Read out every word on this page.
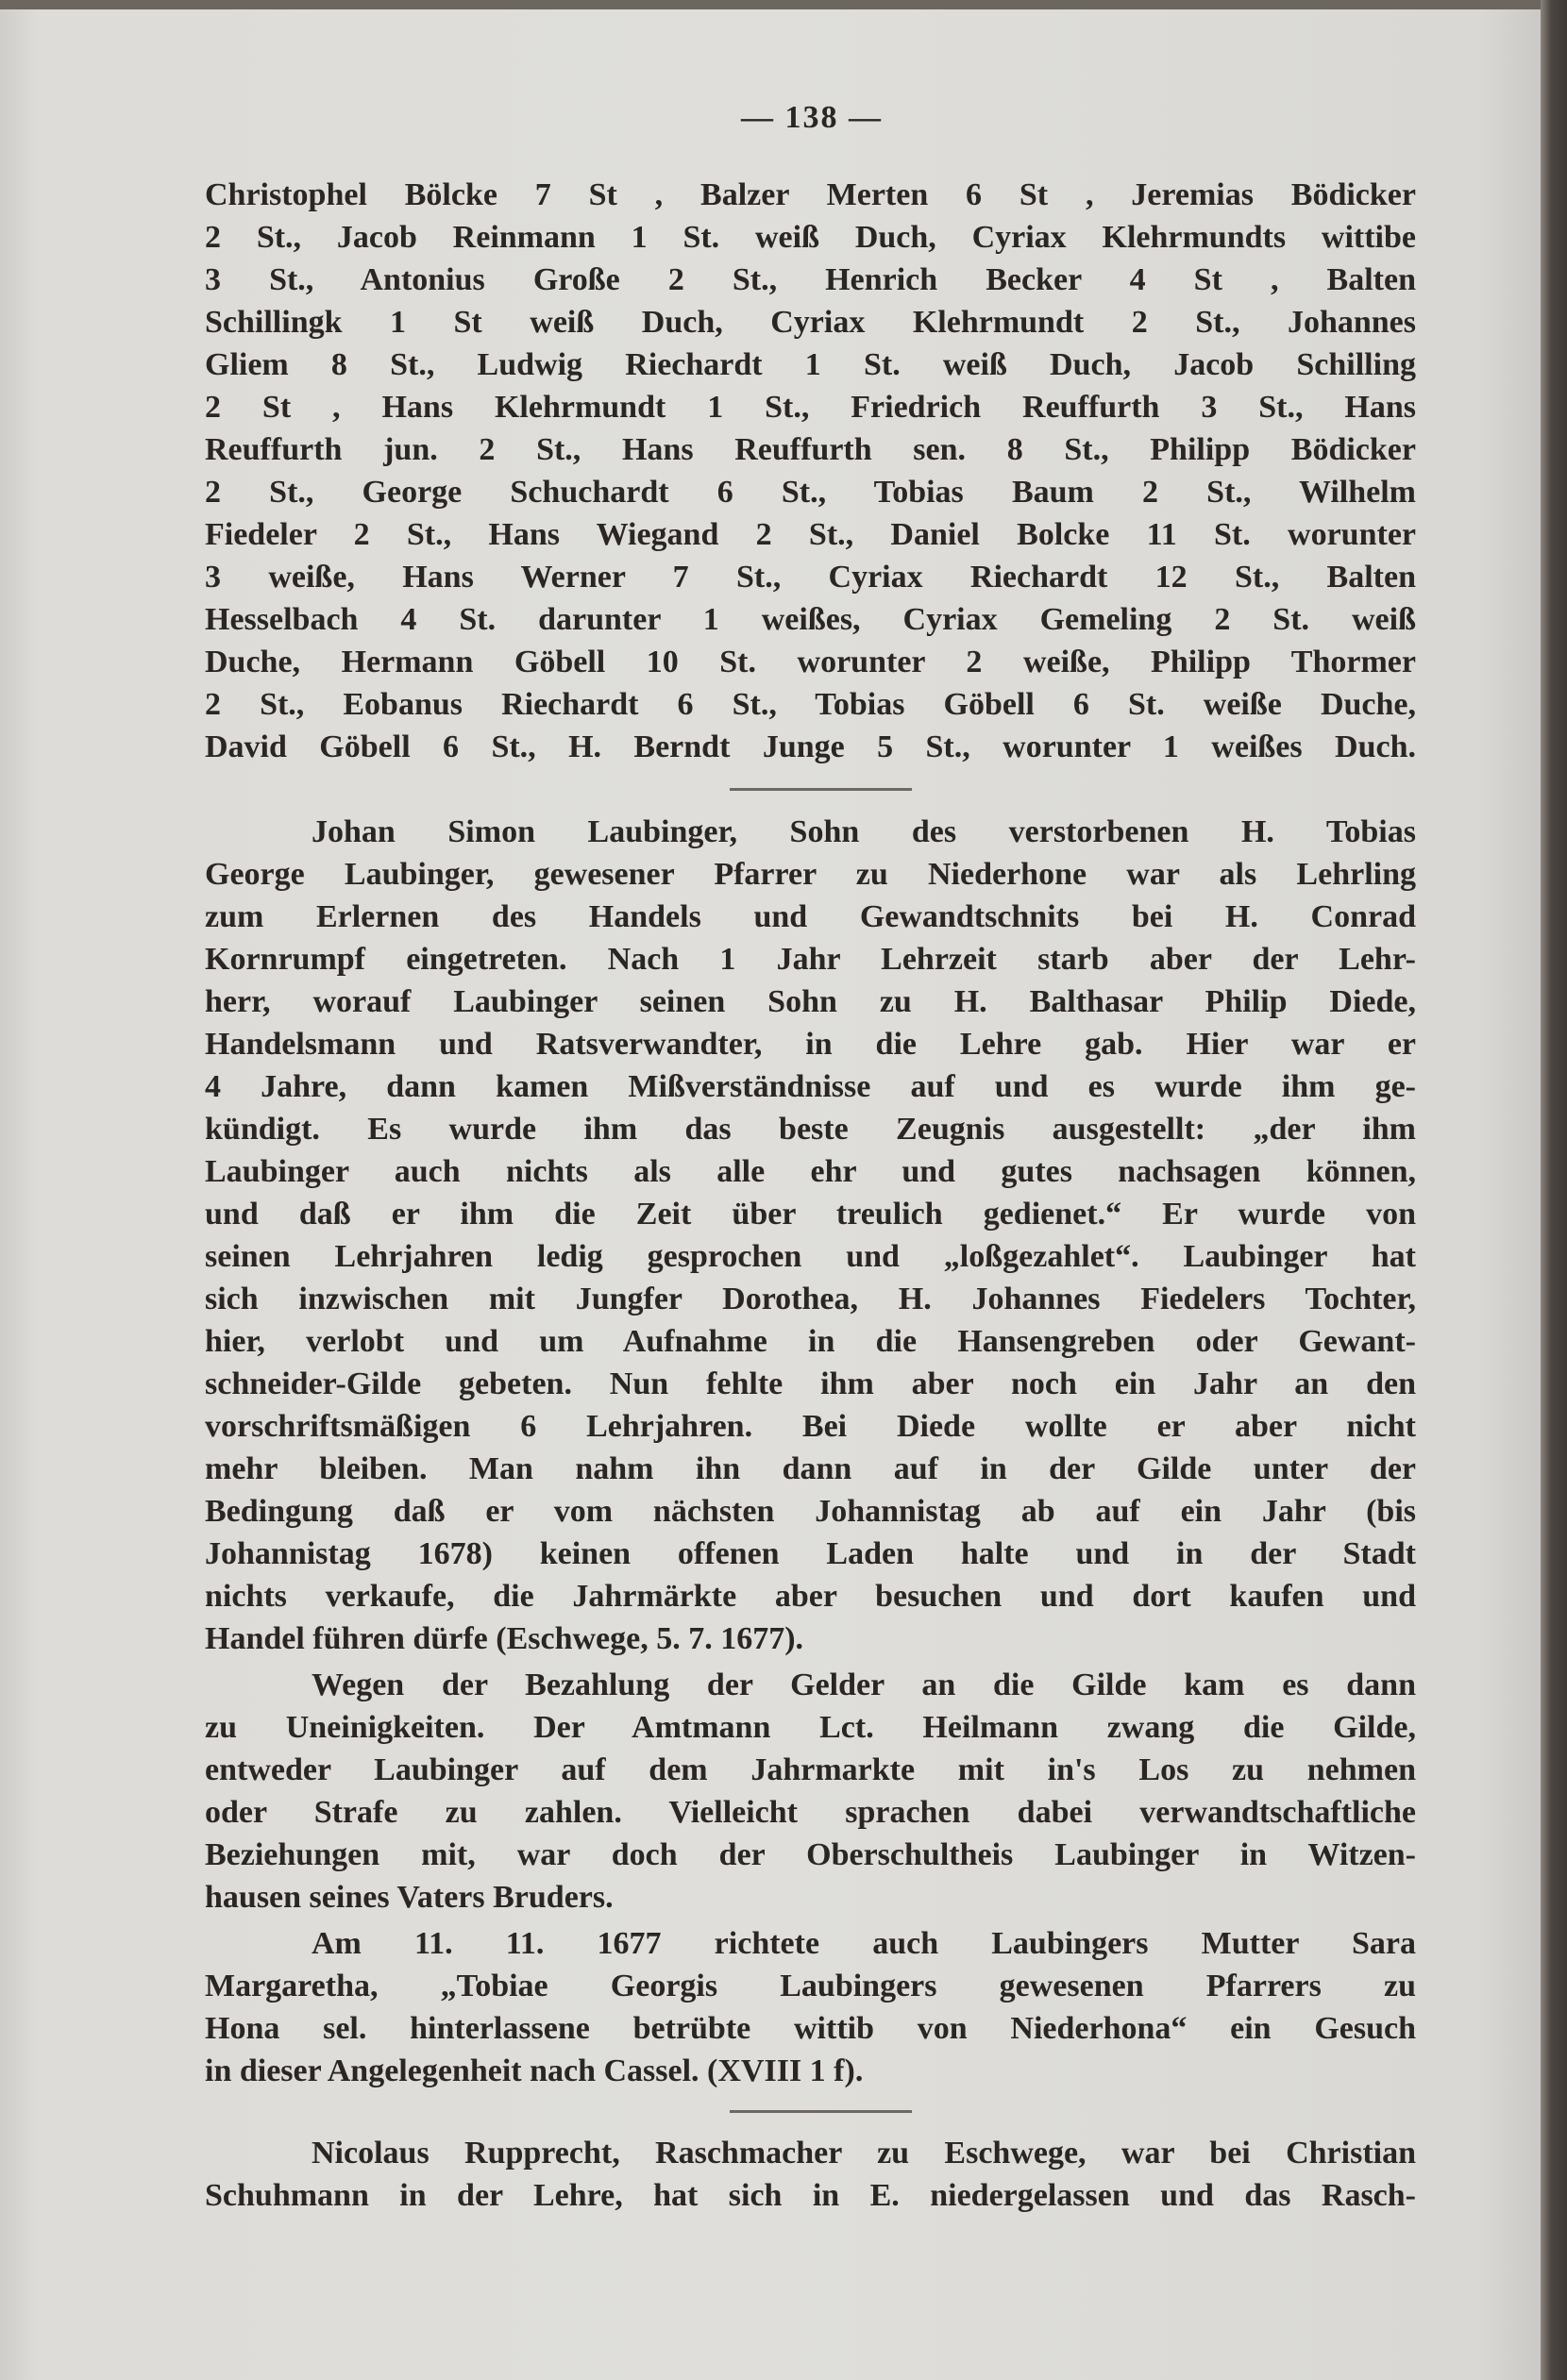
— 138 —
Christophel Bölcke 7 St , Balzer Merten 6 St , Jeremias Bödicker
2 St., Jacob Reinmann 1 St. weiß Duch, Cyriax Klehrmundts wittibe
3 St., Antonius Große 2 St., Henrich Becker 4 St , Balten
Schillingk 1 St weiß Duch, Cyriax Klehrmundt 2 St., Johannes
Gliem 8 St., Ludwig Riechardt 1 St. weiß Duch, Jacob Schilling
2 St , Hans Klehrmundt 1 St., Friedrich Reuffurth 3 St., Hans
Reuffurth jun. 2 St., Hans Reuffurth sen. 8 St., Philipp Bödicker
2 St., George Schuchardt 6 St., Tobias Baum 2 St., Wilhelm
Fiedeler 2 St., Hans Wiegand 2 St., Daniel Bolcke 11 St. worunter
3 weiße, Hans Werner 7 St., Cyriax Riechardt 12 St., Balten
Hesselbach 4 St. darunter 1 weißes, Cyriax Gemeling 2 St. weiß
Duche, Hermann Göbell 10 St. worunter 2 weiße, Philipp Thormer
2 St., Eobanus Riechardt 6 St., Tobias Göbell 6 St. weiße Duche,
David Göbell 6 St., H. Berndt Junge 5 St., worunter 1 weißes Duch.
Johan Simon Laubinger, Sohn des verstorbenen H. Tobias
George Laubinger, gewesener Pfarrer zu Niederhone war als Lehrling
zum Erlernen des Handels und Gewandtschnits bei H. Conrad
Kornrumpf eingetreten. Nach 1 Jahr Lehrzeit starb aber der Lehr-
herr, worauf Laubinger seinen Sohn zu H. Balthasar Philip Diede,
Handelsmann und Ratsverwandter, in die Lehre gab. Hier war er
4 Jahre, dann kamen Mißverständnisse auf und es wurde ihm ge-
kündigt. Es wurde ihm das beste Zeugnis ausgestellt: „der ihm
Laubinger auch nichts als alle ehr und gutes nachsagen können,
und daß er ihm die Zeit über treulich gedienet.“ Er wurde von
seinen Lehrjahren ledig gesprochen und „loßgezahlet“. Laubinger hat
sich inzwischen mit Jungfer Dorothea, H. Johannes Fiedelers Tochter,
hier, verlobt und um Aufnahme in die Hansengreben oder Gewant-
schneider-Gilde gebeten. Nun fehlte ihm aber noch ein Jahr an den
vorschriftsmäßigen 6 Lehrjahren. Bei Diede wollte er aber nicht
mehr bleiben. Man nahm ihn dann auf in der Gilde unter der
Bedingung daß er vom nächsten Johannistag ab auf ein Jahr (bis
Johannistag 1678) keinen offenen Laden halte und in der Stadt
nichts verkaufe, die Jahrmärkte aber besuchen und dort kaufen und
Handel führen dürfe (Eschwege, 5. 7. 1677).
Wegen der Bezahlung der Gelder an die Gilde kam es dann
zu Uneinigkeiten. Der Amtmann Lct. Heilmann zwang die Gilde,
entweder Laubinger auf dem Jahrmarkte mit in's Los zu nehmen
oder Strafe zu zahlen. Vielleicht sprachen dabei verwandtschaftliche
Beziehungen mit, war doch der Oberschultheis Laubinger in Witzen-
hausen seines Vaters Bruders.
Am 11. 11. 1677 richtete auch Laubingers Mutter Sara
Margaretha, „Tobiae Georgis Laubingers gewesenen Pfarrers zu
Hona sel. hinterlassene betrübte wittib von Niederhona“ ein Gesuch
in dieser Angelegenheit nach Cassel. (XVIII 1 f).
Nicolaus Rupprecht, Raschmacher zu Eschwege, war bei Christian
Schuhmann in der Lehre, hat sich in E. niedergelassen und das Rasch-
